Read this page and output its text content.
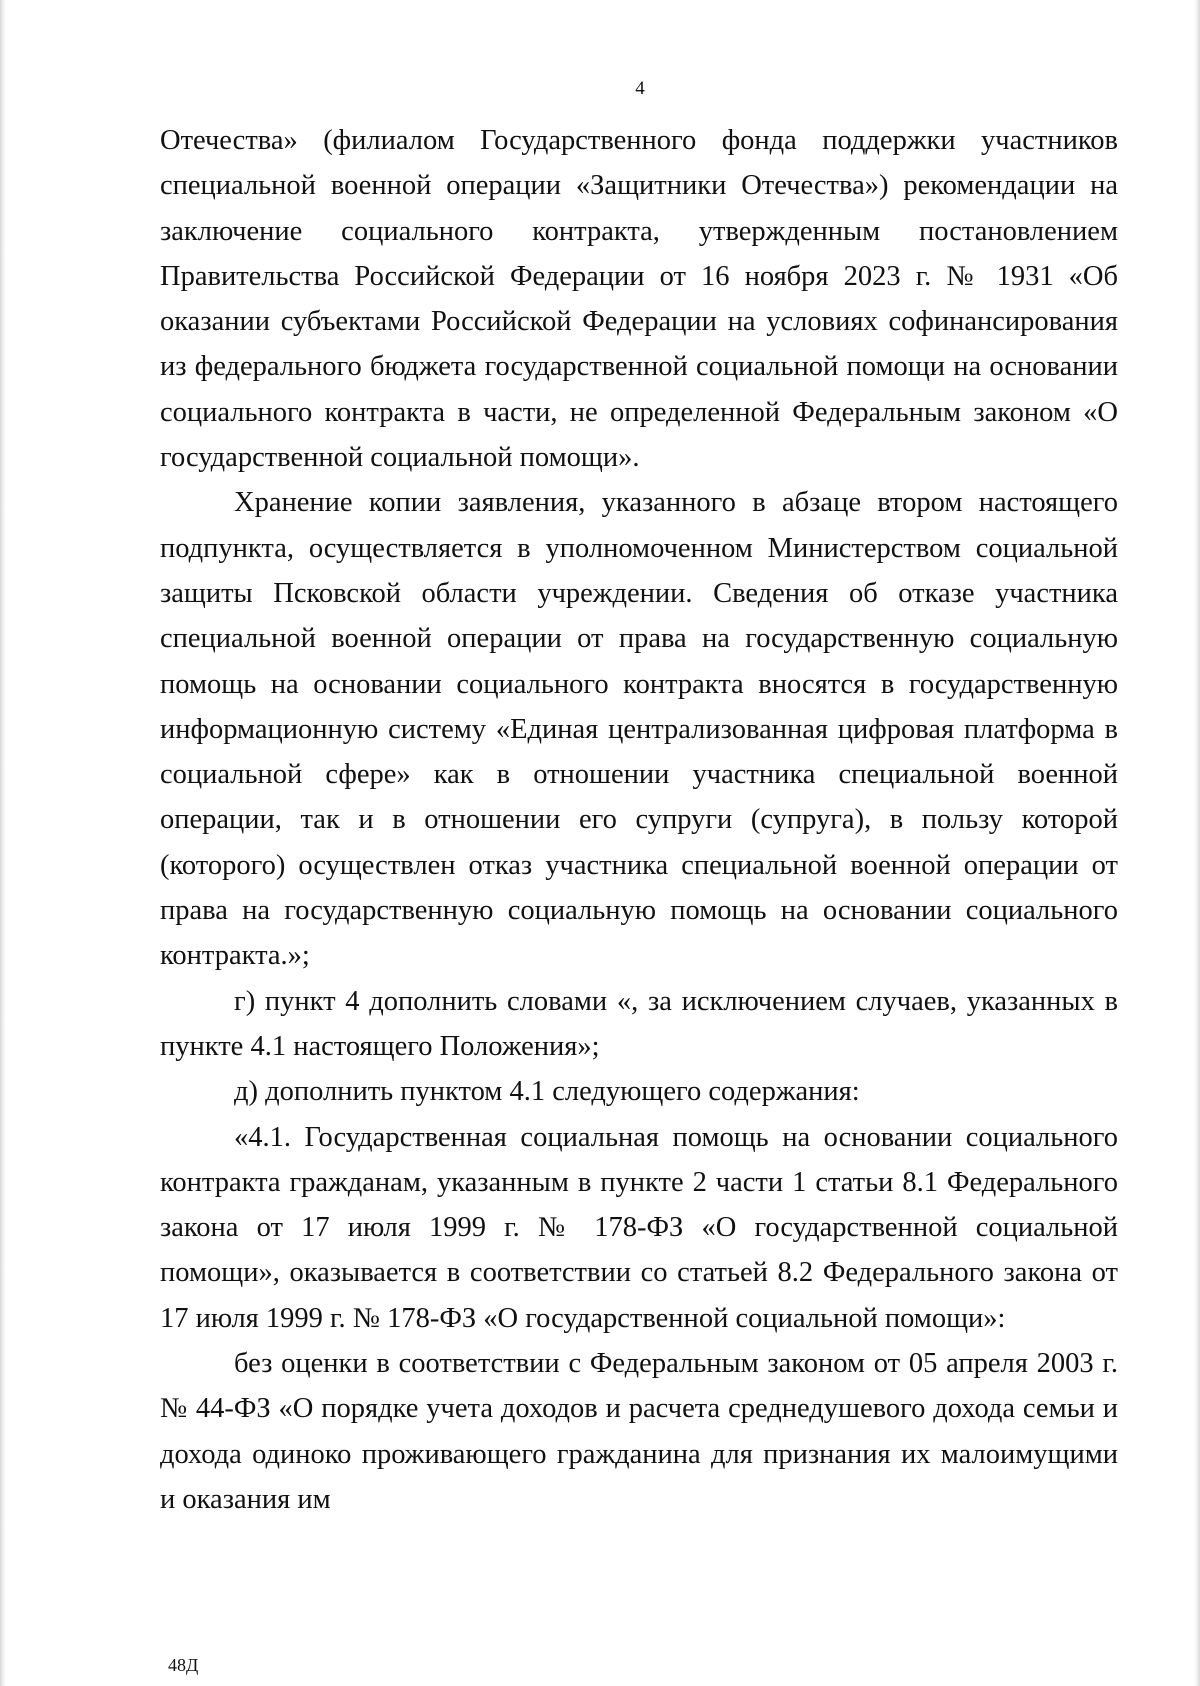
4

Отечества» (филиалом Государственного фонда поддержки участников специальной военной операции «Защитники Отечества») рекомендации на заключение социального контракта, утвержденным постановлением Правительства Российской Федерации от 16 ноября 2023 г. № 1931 «Об оказании субъектами Российской Федерации на условиях софинансирования из федерального бюджета государственной социальной помощи на основании социального контракта в части, не определенной Федеральным законом «О государственной социальной помощи».

Хранение копии заявления, указанного в абзаце втором настоящего подпункта, осуществляется в уполномоченном Министерством социальной защиты Псковской области учреждении. Сведения об отказе участника специальной военной операции от права на государственную социальную помощь на основании социального контракта вносятся в государственную информационную систему «Единая централизованная цифровая платформа в социальной сфере» как в отношении участника специальной военной операции, так и в отношении его супруги (супруга), в пользу которой (которого) осуществлен отказ участника специальной военной операции от права на государственную социальную помощь на основании социального контракта.»;

г) пункт 4 дополнить словами «, за исключением случаев, указанных в пункте 4.1 настоящего Положения»;

д) дополнить пунктом 4.1 следующего содержания:

«4.1. Государственная социальная помощь на основании социального контракта гражданам, указанным в пункте 2 части 1 статьи 8.1 Федерального закона от 17 июля 1999 г. № 178-ФЗ «О государственной социальной помощи», оказывается в соответствии со статьей 8.2 Федерального закона от 17 июля 1999 г. № 178-ФЗ «О государственной социальной помощи»:

без оценки в соответствии с Федеральным законом от 05 апреля 2003 г. № 44-ФЗ «О порядке учета доходов и расчета среднедушевого дохода семьи и дохода одиноко проживающего гражданина для признания их малоимущими и оказания им

48Д
